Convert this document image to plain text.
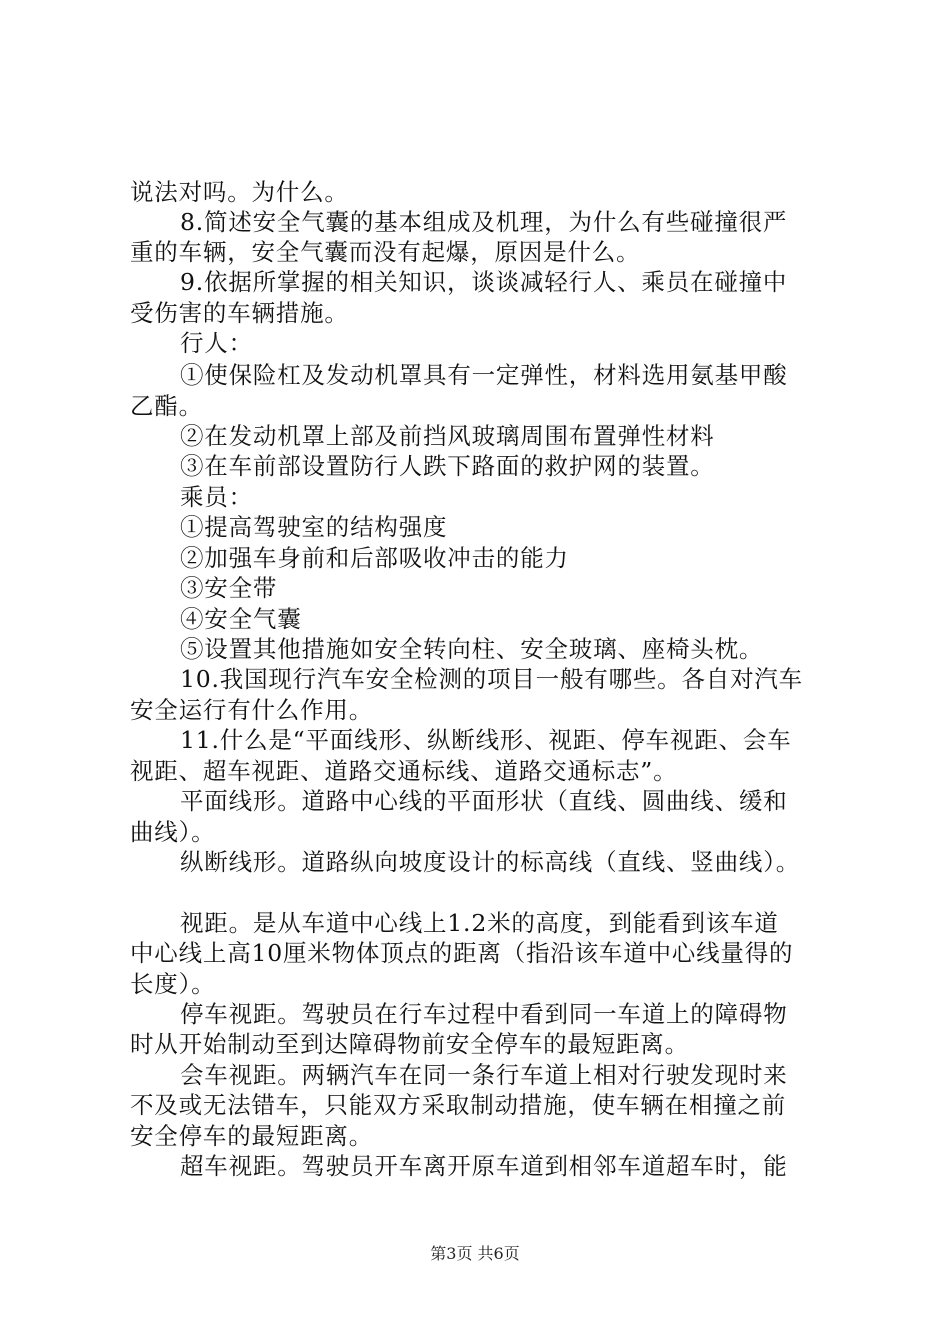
说法对吗。为什么。
8.简述安全气囊的基本组成及机理，为什么有些碰撞很严
重的车辆，安全气囊而没有起爆，原因是什么。
9.依据所掌握的相关知识，谈谈减轻行人、乘员在碰撞中
受伤害的车辆措施。
行人：
①使保险杠及发动机罩具有一定弹性，材料选用氨基甲酸
乙酯。
②在发动机罩上部及前挡风玻璃周围布置弹性材料
③在车前部设置防行人跌下路面的救护网的装置。
乘员：
①提高驾驶室的结构强度
②加强车身前和后部吸收冲击的能力
③安全带
④安全气囊
⑤设置其他措施如安全转向柱、安全玻璃、座椅头枕。
10.我国现行汽车安全检测的项目一般有哪些。各自对汽车
安全运行有什么作用。
11.什么是“平面线形、纵断线形、视距、停车视距、会车
视距、超车视距、道路交通标线、道路交通标志”。
平面线形。道路中心线的平面形状（直线、圆曲线、缓和
曲线）。
纵断线形。道路纵向坡度设计的标高线（直线、竖曲线）。
视距。是从车道中心线上1.2米的高度，到能看到该车道
中心线上高10厘米物体顶点的距离（指沿该车道中心线量得的
长度）。
停车视距。驾驶员在行车过程中看到同一车道上的障碍物
时从开始制动至到达障碍物前安全停车的最短距离。
会车视距。两辆汽车在同一条行车道上相对行驶发现时来
不及或无法错车，只能双方采取制动措施，使车辆在相撞之前
安全停车的最短距离。
超车视距。驾驶员开车离开原车道到相邻车道超车时，能
第3页 共6页
